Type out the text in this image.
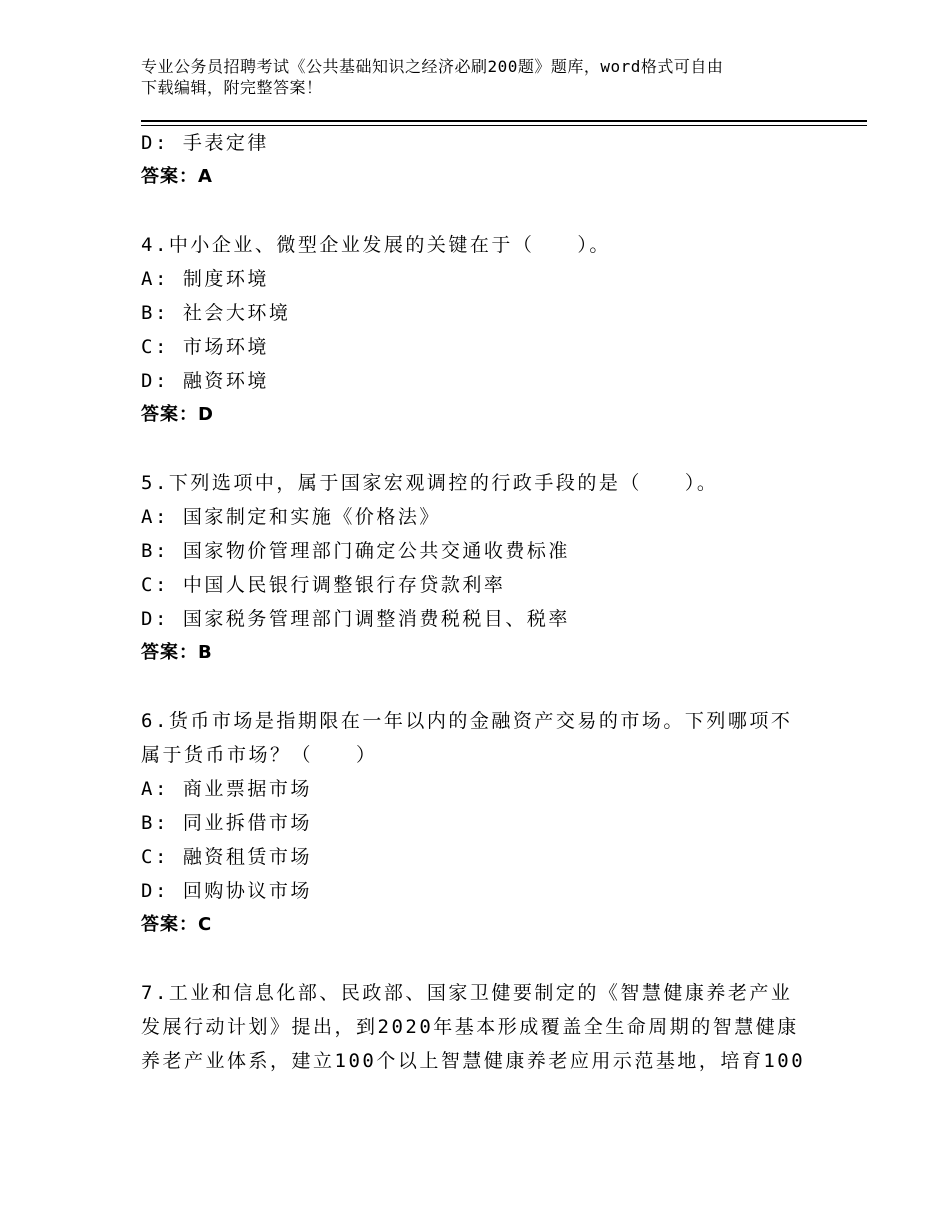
专业公务员招聘考试《公共基础知识之经济必刷200题》题库，word格式可自由
下载编辑，附完整答案！
D: 手表定律
答案：A
4.中小企业、微型企业发展的关键在于（　　）。
A: 制度环境
B: 社会大环境
C: 市场环境
D: 融资环境
答案：D
5.下列选项中，属于国家宏观调控的行政手段的是（　　）。
A: 国家制定和实施《价格法》
B: 国家物价管理部门确定公共交通收费标准
C: 中国人民银行调整银行存贷款利率
D: 国家税务管理部门调整消费税税目、税率
答案：B
6.货币市场是指期限在一年以内的金融资产交易的市场。下列哪项不
属于货币市场？（　　）
A: 商业票据市场
B: 同业拆借市场
C: 融资租赁市场
D: 回购协议市场
答案：C
7.工业和信息化部、民政部、国家卫健要制定的《智慧健康养老产业
发展行动计划》提出，到2020年基本形成覆盖全生命周期的智慧健康
养老产业体系，建立100个以上智慧健康养老应用示范基地，培育100
